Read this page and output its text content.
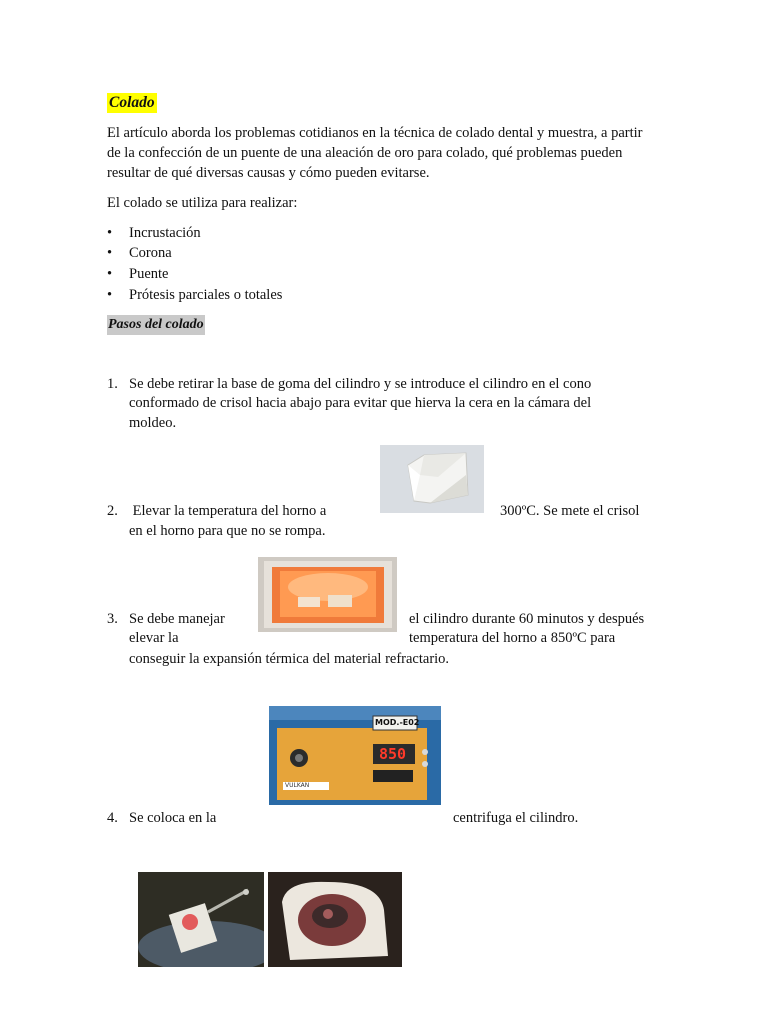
Colado
El artículo aborda los problemas cotidianos en la técnica de colado dental y muestra, a partir de la confección de un puente de una aleación de oro para colado, qué problemas pueden resultar de qué diversas causas y cómo pueden evitarse.
El colado se utiliza para realizar:
• Incrustación
• Corona
• Puente
• Prótesis parciales o totales
Pasos del colado
1. Se debe retirar la base de goma del cilindro y se introduce el cilindro en el cono
conformado de crisol hacia abajo para evitar que hierva la cera en la cámara del
moldeo.
2. Elevar la temperatura del horno a	300ºC. Se mete el crisol
en el horno para que no se rompa.
3. Se debe manejar	el cilindro durante 60 minutos y después
elevar la	temperatura del horno a 850ºC para
conseguir la expansión térmica del material refractario.
MOD.-E02
850
VULKAN
4. Se coloca en la	centrifuga el cilindro.
